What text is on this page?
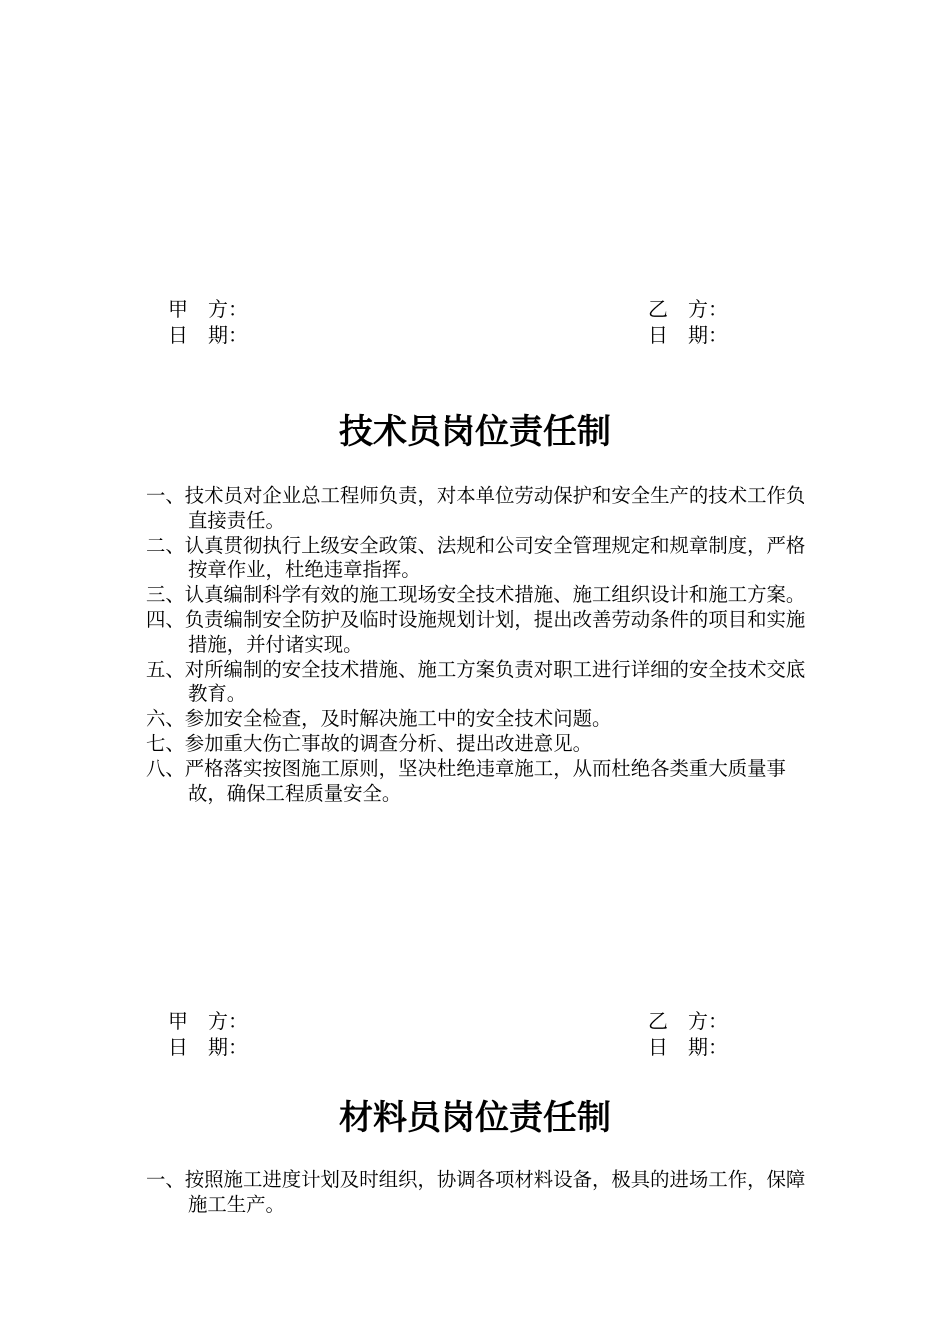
甲　方：
日　期：
乙　方：
日　期：
技术员岗位责任制
一、技术员对企业总工程师负责，对本单位劳动保护和安全生产的技术工作负直接责任。
二、认真贯彻执行上级安全政策、法规和公司安全管理规定和规章制度，严格按章作业，杜绝违章指挥。
三、认真编制科学有效的施工现场安全技术措施、施工组织设计和施工方案。
四、负责编制安全防护及临时设施规划计划，提出改善劳动条件的项目和实施措施，并付诸实现。
五、对所编制的安全技术措施、施工方案负责对职工进行详细的安全技术交底教育。
六、参加安全检查，及时解决施工中的安全技术问题。
七、参加重大伤亡事故的调查分析、提出改进意见。
八、严格落实按图施工原则，坚决杜绝违章施工，从而杜绝各类重大质量事故，确保工程质量安全。
甲　方：
日　期：
乙　方：
日　期：
材料员岗位责任制
一、按照施工进度计划及时组织，协调各项材料设备，极具的进场工作，保障施工生产。
